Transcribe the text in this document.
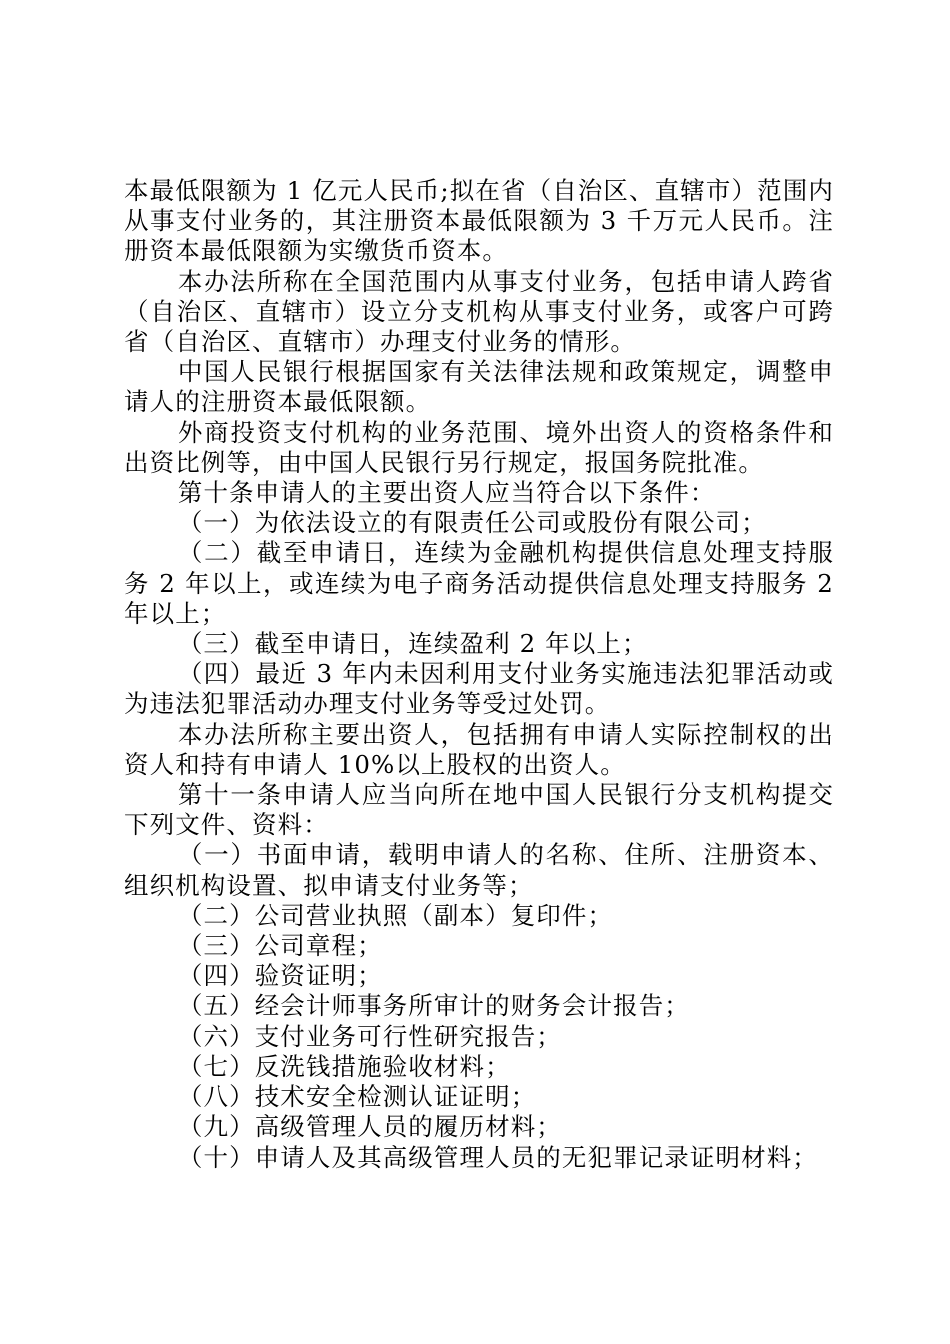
本最低限额为 1 亿元人民币;拟在省（自治区、直辖市）范围内从事支付业务的，其注册资本最低限额为 3 千万元人民币。注册资本最低限额为实缴货币资本。

本办法所称在全国范围内从事支付业务，包括申请人跨省（自治区、直辖市）设立分支机构从事支付业务，或客户可跨省（自治区、直辖市）办理支付业务的情形。

中国人民银行根据国家有关法律法规和政策规定，调整申请人的注册资本最低限额。

外商投资支付机构的业务范围、境外出资人的资格条件和出资比例等，由中国人民银行另行规定，报国务院批准。

第十条申请人的主要出资人应当符合以下条件：

（一）为依法设立的有限责任公司或股份有限公司；

（二）截至申请日，连续为金融机构提供信息处理支持服务 2 年以上，或连续为电子商务活动提供信息处理支持服务 2 年以上；

（三）截至申请日，连续盈利 2 年以上；

（四）最近 3 年内未因利用支付业务实施违法犯罪活动或为违法犯罪活动办理支付业务等受过处罚。

本办法所称主要出资人，包括拥有申请人实际控制权的出资人和持有申请人 10%以上股权的出资人。

第十一条申请人应当向所在地中国人民银行分支机构提交下列文件、资料：

（一）书面申请，载明申请人的名称、住所、注册资本、组织机构设置、拟申请支付业务等；

（二）公司营业执照（副本）复印件；

（三）公司章程；

（四）验资证明；

（五）经会计师事务所审计的财务会计报告；

（六）支付业务可行性研究报告；

（七）反洗钱措施验收材料；

（八）技术安全检测认证证明；

（九）高级管理人员的履历材料；

（十）申请人及其高级管理人员的无犯罪记录证明材料；
